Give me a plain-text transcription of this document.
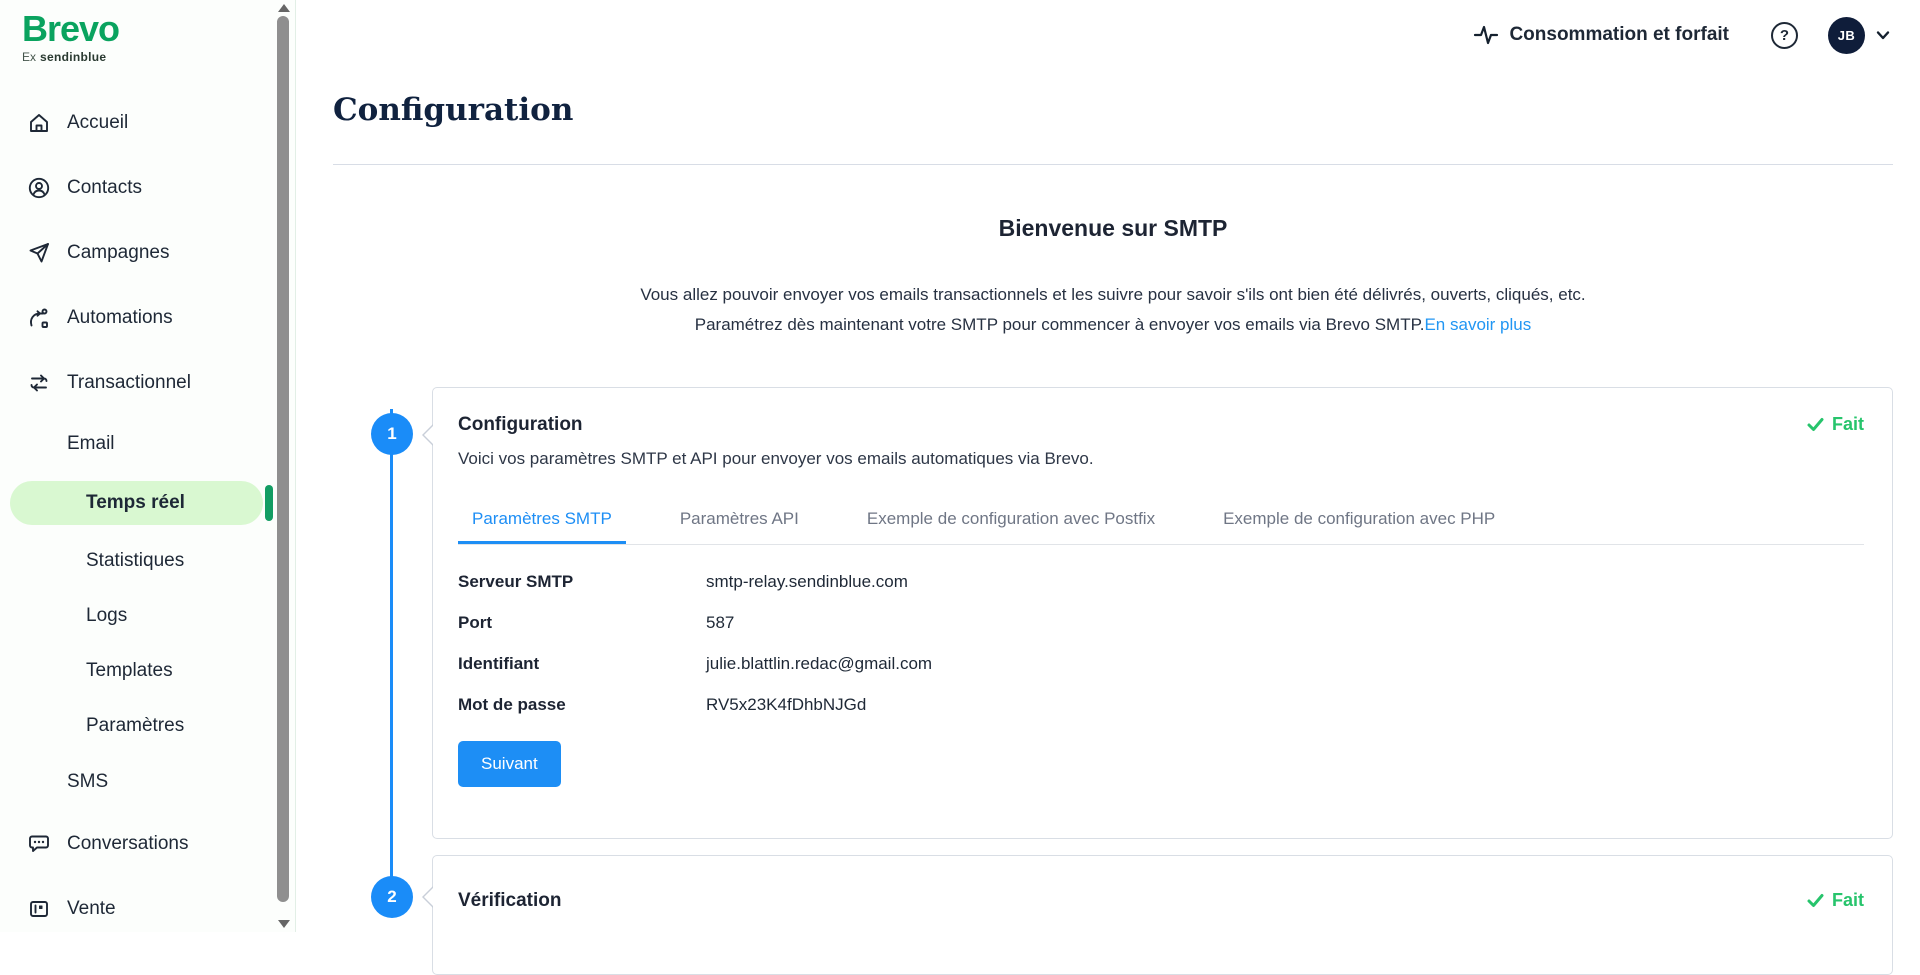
Brevo
Ex sendinblue
Accueil
Contacts
Campagnes
Automations
Transactionnel
Email
Temps réel
Statistiques
Logs
Templates
Paramètres
SMS
Conversations
Vente
Consommation et forfait	?	JB
Configuration
Bienvenue sur SMTP
Vous allez pouvoir envoyer vos emails transactionnels et les suivre pour savoir s'ils ont bien été délivrés, ouverts, cliqués, etc.
Paramétrez dès maintenant votre SMTP pour commencer à envoyer vos emails via Brevo SMTP.En savoir plus
1
2
Configuration	Fait
Voici vos paramètres SMTP et API pour envoyer vos emails automatiques via Brevo.
Paramètres SMTP	Paramètres API	Exemple de configuration avec Postfix	Exemple de configuration avec PHP
Serveur SMTP	smtp-relay.sendinblue.com
Port	587
Identifiant	julie.blattlin.redac@gmail.com
Mot de passe	RV5x23K4fDhbNJGd
Suivant
Vérification	Fait
